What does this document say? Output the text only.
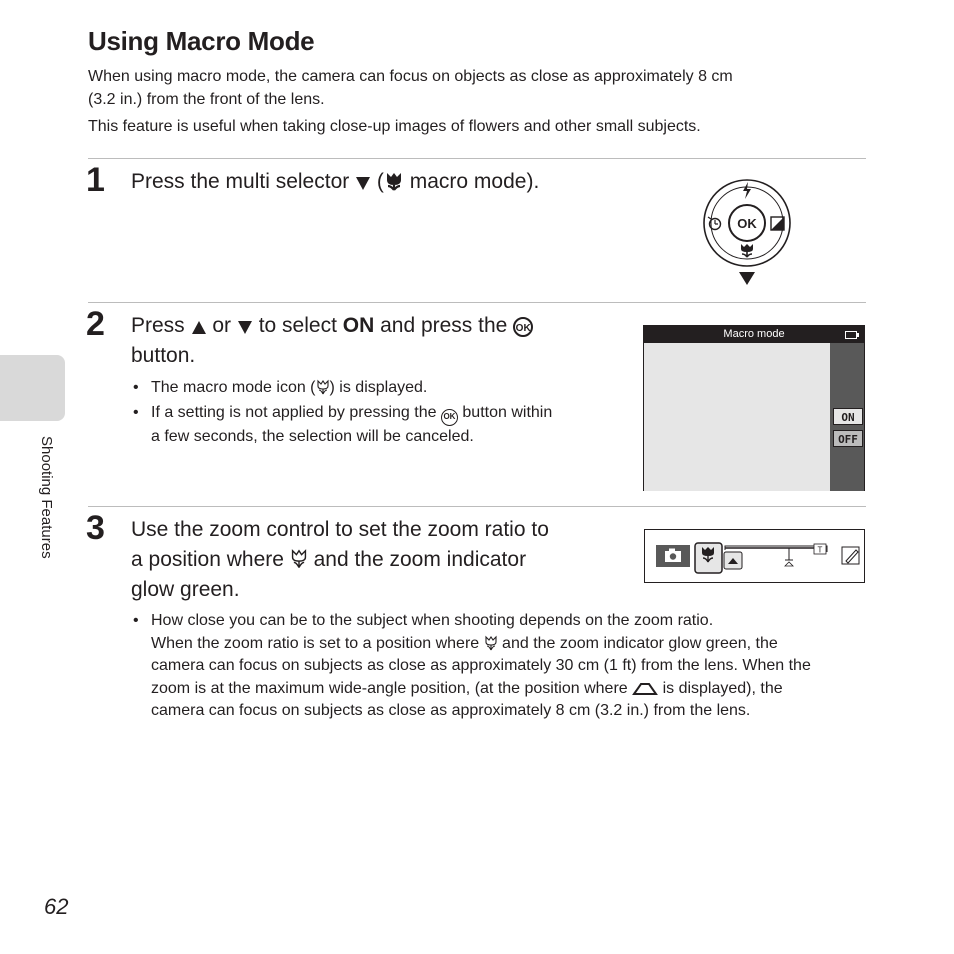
Using Macro Mode
When using macro mode, the camera can focus on objects as close as approximately 8 cm
(3.2 in.) from the front of the lens.
This feature is useful when taking close-up images of flowers and other small subjects.
1 Press the multi selector  ( macro mode).
OK
2 Press  or  to select ON and press the OK
button.
• The macro mode icon ( ) is displayed.
• If a setting is not applied by pressing the OK button within
a few seconds, the selection will be canceled.
Macro mode
ON
OFF
3 Use the zoom control to set the zoom ratio to
a position where  and the zoom indicator
glow green.
T
• How close you can be to the subject when shooting depends on the zoom ratio.
When the zoom ratio is set to a position where  and the zoom indicator glow green, the
camera can focus on subjects as close as approximately 30 cm (1 ft) from the lens. When the
zoom is at the maximum wide-angle position, (at the position where  is displayed), the
camera can focus on subjects as close as approximately 8 cm (3.2 in.) from the lens.
Shooting Features
62
